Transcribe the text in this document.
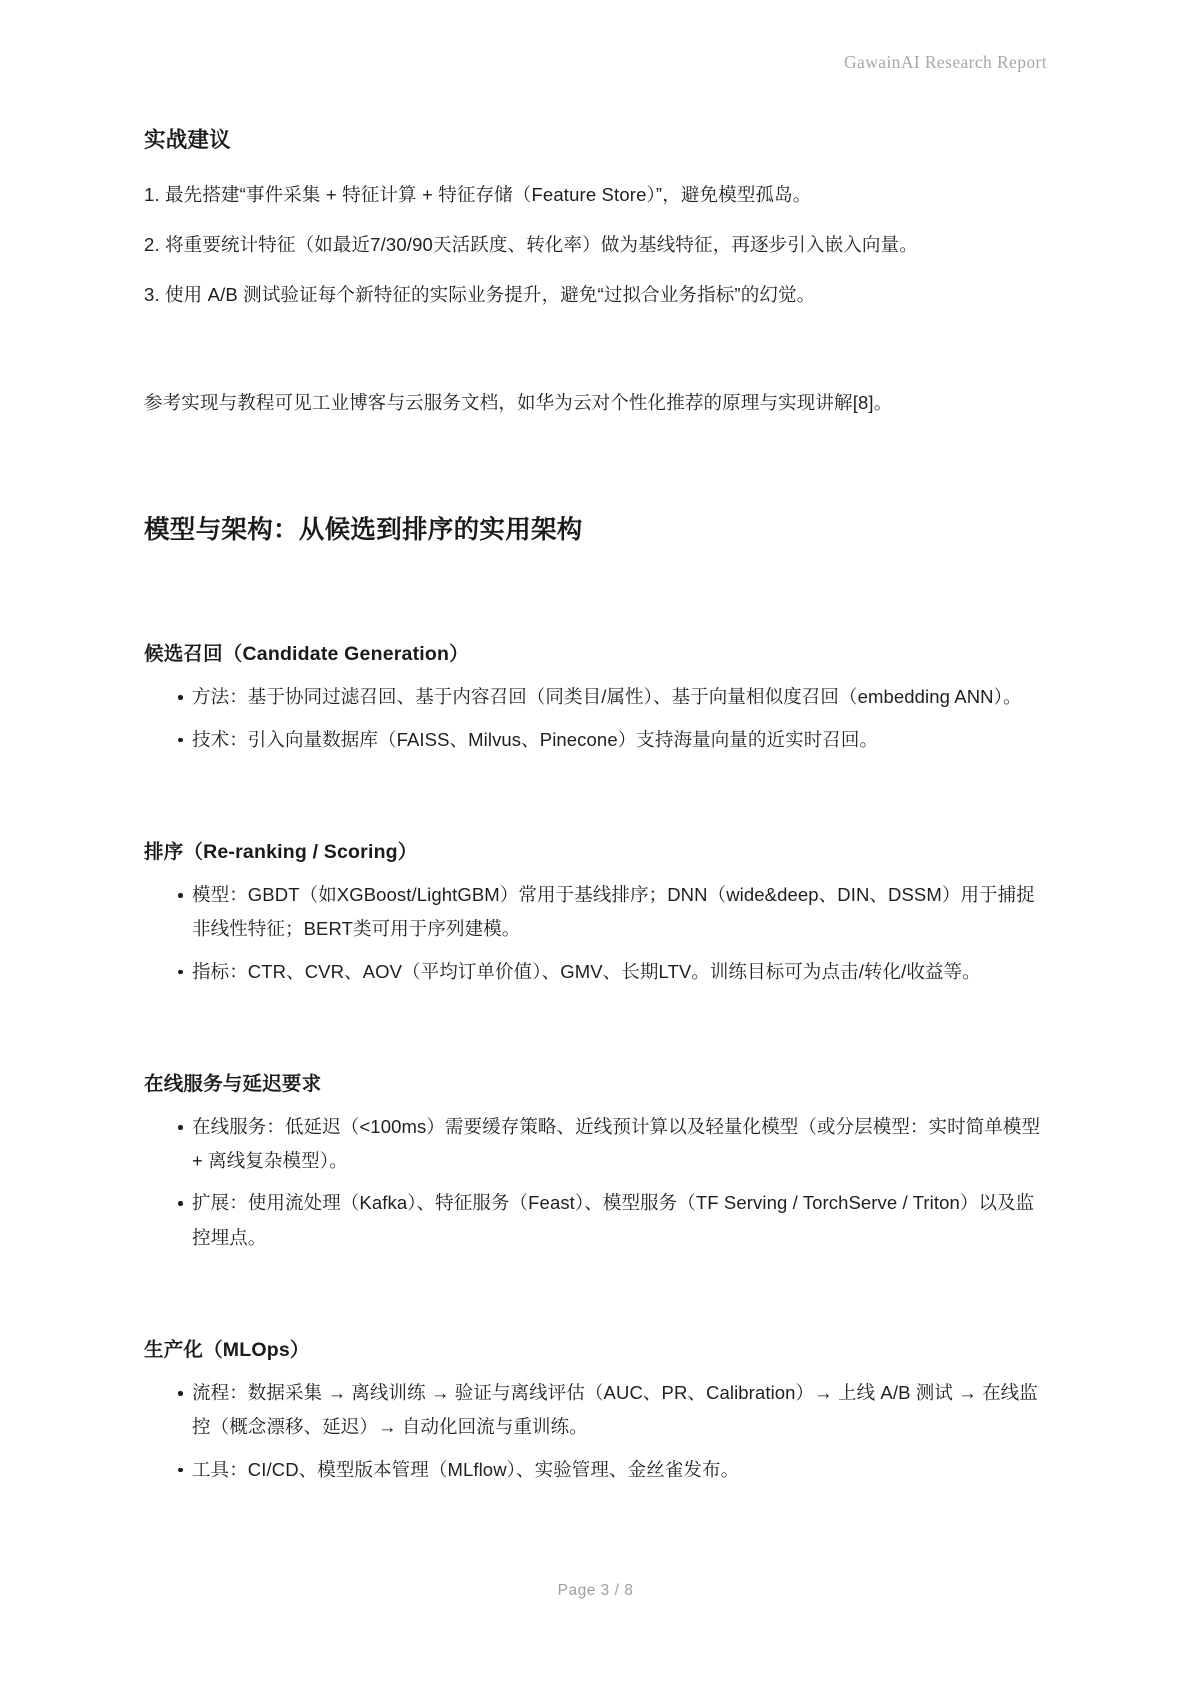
GawainAI Research Report
实战建议
1. 最先搭建“事件采集 + 特征计算 + 特征存储（Feature Store）”，避免模型孤岛。
2. 将重要统计特征（如最近7/30/90天活跃度、转化率）做为基线特征，再逐步引入嵌入向量。
3. 使用 A/B 测试验证每个新特征的实际业务提升，避免“过拟合业务指标”的幻觉。

参考实现与教程可见工业博客与云服务文档，如华为云对个性化推荐的原理与实现讲解[8]。

模型与架构：从候选到排序的实用架构
候选召回（Candidate Generation）
方法：基于协同过滤召回、基于内容召回（同类目/属性）、基于向量相似度召回（embedding ANN）。
技术：引入向量数据库（FAISS、Milvus、Pinecone）支持海量向量的近实时召回。
排序（Re-ranking / Scoring）
模型：GBDT（如XGBoost/LightGBM）常用于基线排序；DNN（wide&deep、DIN、DSSM）用于捕捉非线性特征；BERT类可用于序列建模。
指标：CTR、CVR、AOV（平均订单价值）、GMV、长期LTV。训练目标可为点击/转化/收益等。
在线服务与延迟要求
在线服务：低延迟（<100ms）需要缓存策略、近线预计算以及轻量化模型（或分层模型：实时简单模型 + 离线复杂模型）。
扩展：使用流处理（Kafka）、特征服务（Feast）、模型服务（TF Serving / TorchServe / Triton）以及监控埋点。
生产化（MLOps）
流程：数据采集 → 离线训练 → 验证与离线评估（AUC、PR、Calibration）→ 上线 A/B 测试 → 在线监控（概念漂移、延迟）→ 自动化回流与重训练。
工具：CI/CD、模型版本管理（MLflow）、实验管理、金丝雀发布。
Page 3 / 8
